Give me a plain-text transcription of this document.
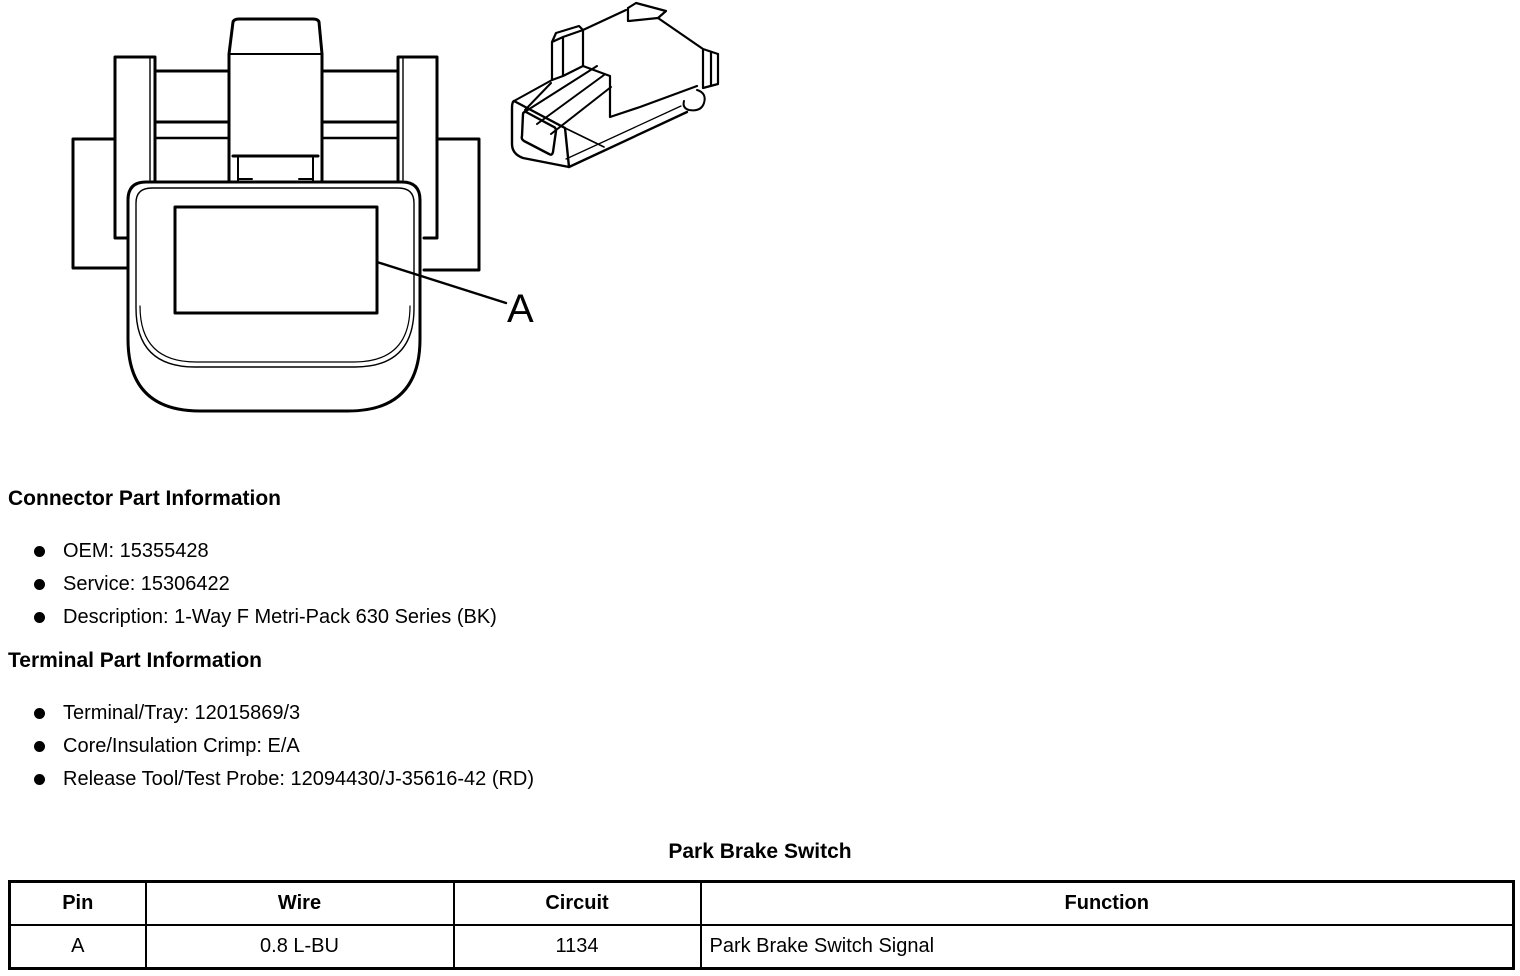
A
Connector Part Information
OEM: 15355428
Service: 15306422
Description: 1-Way F Metri-Pack 630 Series (BK)
Terminal Part Information
Terminal/Tray: 12015869/3
Core/Insulation Crimp: E/A
Release Tool/Test Probe: 12094430/J-35616-42 (RD)
Park Brake Switch
Pin	Wire	Circuit	Function
A	0.8 L-BU	1134	Park Brake Switch Signal
